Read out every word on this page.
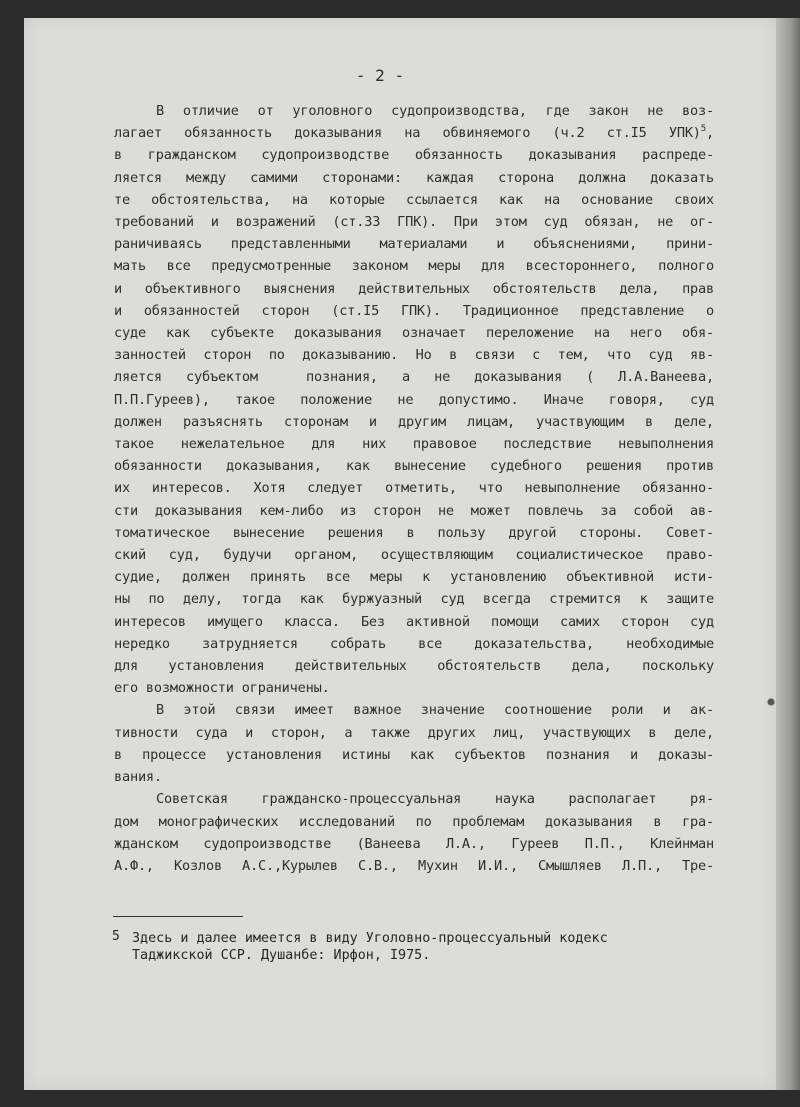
- 2 -

В отличие от уголовного судопроизводства, где закон не воз-
лагает обязанность доказывания на обвиняемого (ч.2 ст.I5 УПК)$^5$,
в гражданском судопроизводстве обязанность доказывания распреде-
ляется между самими сторонами: каждая сторона должна доказать
те обстоятельства, на которые ссылается как на основание своих
требований и возражений (ст.33 ГПК). При этом суд обязан, не ог-
раничиваясь представленными материалами и объяснениями, прини-
мать все предусмотренные законом меры для всестороннего, полного
и объективного выяснения действительных обстоятельств дела, прав
и обязанностей сторон (ст.I5 ГПК). Традиционное представление о
суде как субъекте доказывания означает переложение на него обя-
занностей сторон по доказыванию. Но в связи с тем, что суд яв-
ляется субъектом  познания, а не доказывания ( Л.А.Ванеева,
П.П.Гуреев), такое положение не допустимо. Иначе говоря, суд
должен разъяснять сторонам и другим лицам, участвующим в деле,
такое нежелательное для них правовое последствие невыполнения
обязанности доказывания, как вынесение судебного решения против
их интересов. Хотя следует отметить, что невыполнение обязанно-
сти доказывания кем-либо из сторон не может повлечь за собой ав-
томатическое вынесение решения в пользу другой стороны. Совет-
ский суд, будучи органом, осуществляющим социалистическое право-
судие, должен принять все меры к установлению объективной исти-
ны по делу, тогда как буржуазный суд всегда стремится к защите
интересов имущего класса. Без активной помощи самих сторон суд
нередко затрудняется собрать все доказательства, необходимые
для установления действительных обстоятельств дела, поскольку
его возможности ограничены.
В этой связи имеет важное значение соотношение роли и ак-
тивности суда и сторон, а также других лиц, участвующих в деле,
в процессе установления истины как субъектов познания и доказы-
вания.
Советская гражданско-процессуальная наука располагает ря-
дом монографических исследований по проблемам доказывания в гра-
жданском судопроизводстве (Ванеева Л.А., Гуреев П.П., Клейнман
А.Ф., Козлов А.С.,Курылев С.В., Мухин И.И., Смышляев Л.П., Тре-
5 Здесь и далее имеется в виду Уголовно-процессуальный кодекс
Таджикской ССР. Душанбе: Ирфон, I975.
